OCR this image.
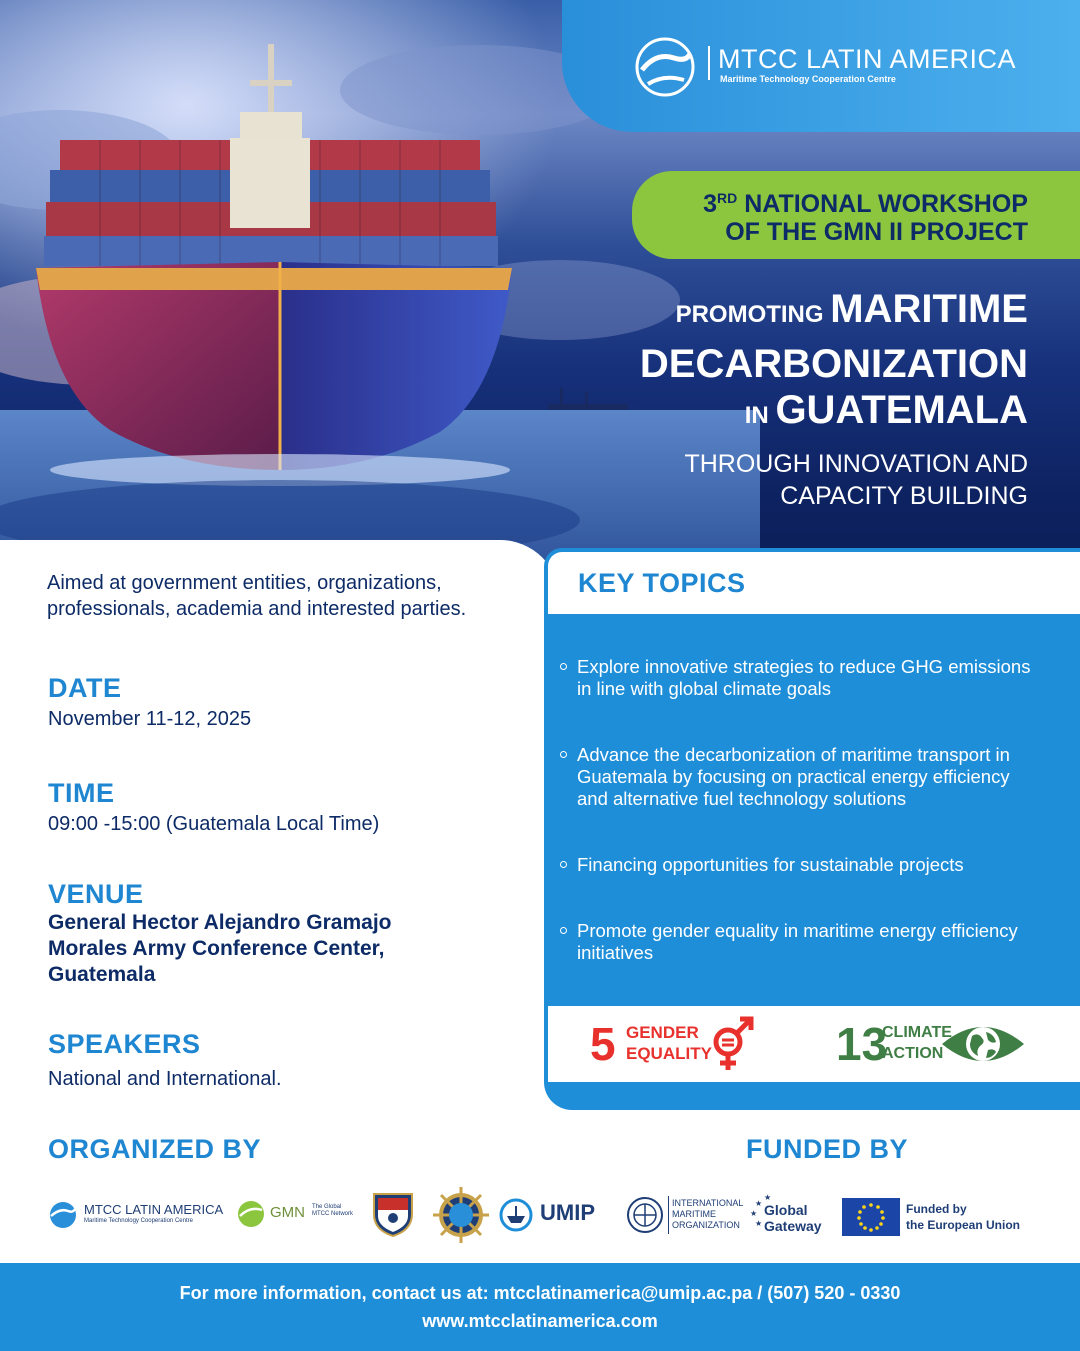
MTCC LATIN AMERICA
Maritime Technology Cooperation Centre
3RD NATIONAL WORKSHOP
OF THE GMN II PROJECT
PROMOTING MARITIME
DECARBONIZATION
IN GUATEMALA
THROUGH INNOVATION AND
CAPACITY BUILDING
Aimed at government entities, organizations, professionals, academia and interested parties.
DATE
November 11-12, 2025
TIME
09:00 -15:00 (Guatemala Local Time)
VENUE
General Hector Alejandro Gramajo
Morales Army Conference Center,
Guatemala
SPEAKERS
National and International.
KEY TOPICS
Explore innovative strategies to reduce GHG emissions in line with global climate goals
Advance the decarbonization of maritime transport in Guatemala by focusing on practical energy efficiency and alternative fuel technology solutions
Financing opportunities for sustainable projects
Promote gender equality in maritime energy efficiency initiatives
5 GENDER
EQUALITY	13
CLIMATE
ACTION
ORGANIZED BY	FUNDED BY
MTCC LATIN AMERICA
Maritime Technology Cooperation Centre	GMN The Global
MTCC Network	UMIP	INTERNATIONAL
MARITIME
ORGANIZATION
★
★
★
★
Global
Gateway
Funded by
the European Union
For more information, contact us at: mtcclatinamerica@umip.ac.pa / (507) 520 - 0330
www.mtcclatinamerica.com
